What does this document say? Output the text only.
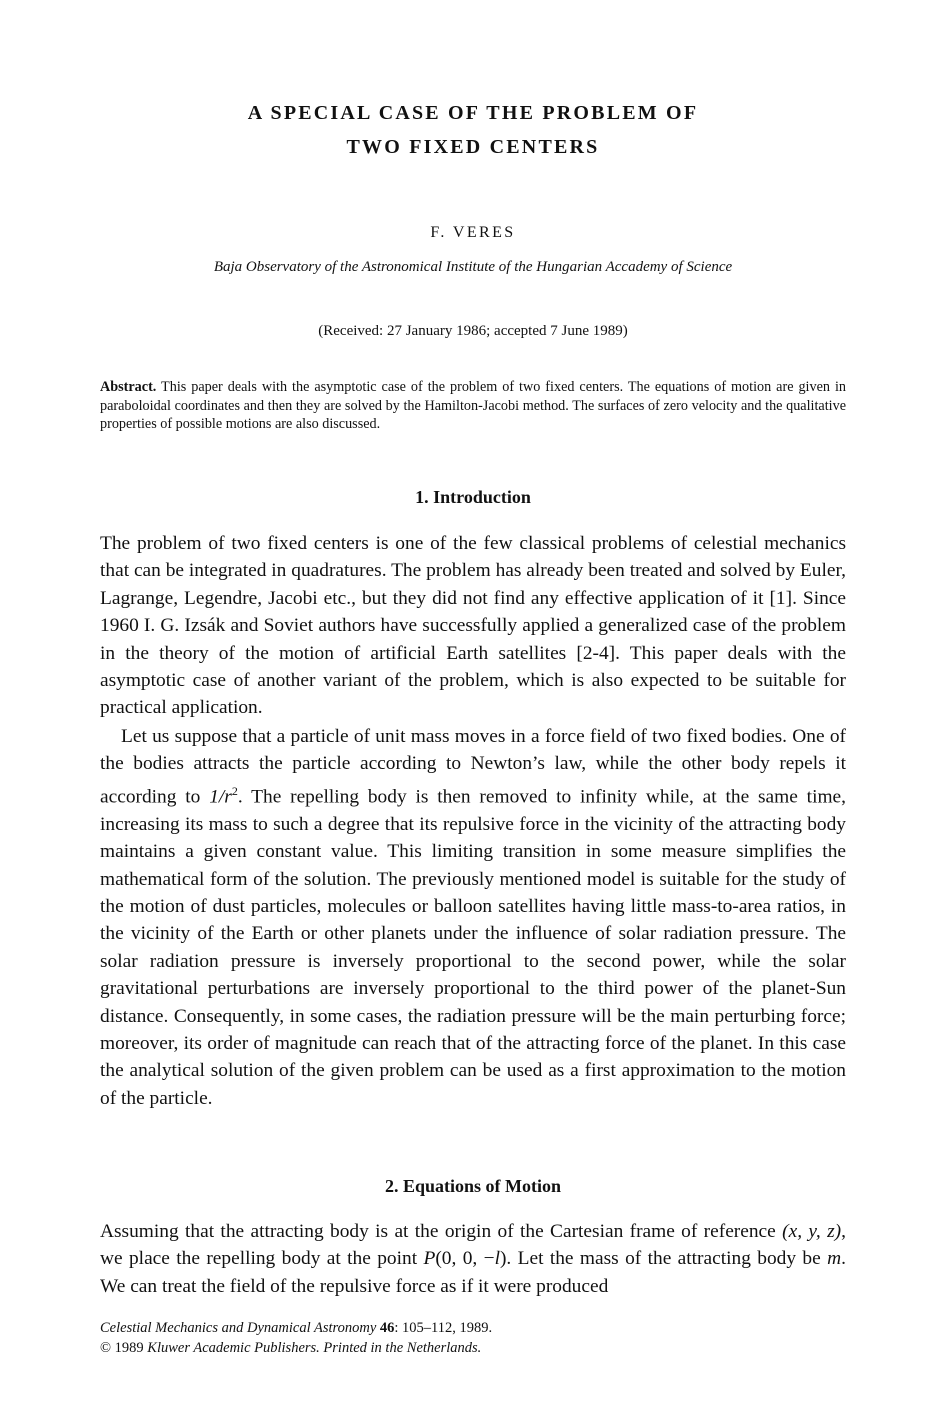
A SPECIAL CASE OF THE PROBLEM OF
TWO FIXED CENTERS
F. VERES
Baja Observatory of the Astronomical Institute of the Hungarian Accademy of Science
(Received: 27 January 1986; accepted 7 June 1989)
Abstract. This paper deals with the asymptotic case of the problem of two fixed centers. The equations of motion are given in paraboloidal coordinates and then they are solved by the Hamilton-Jacobi method. The surfaces of zero velocity and the qualitative properties of possible motions are also discussed.
1. Introduction

The problem of two fixed centers is one of the few classical problems of celestial mechanics that can be integrated in quadratures. The problem has already been treated and solved by Euler, Lagrange, Legendre, Jacobi etc., but they did not find any effective application of it [1]. Since 1960 I. G. Izsák and Soviet authors have successfully applied a generalized case of the problem in the theory of the motion of artificial Earth satellites [2-4]. This paper deals with the asymptotic case of another variant of the problem, which is also expected to be suitable for practical application.

Let us suppose that a particle of unit mass moves in a force field of two fixed bodies. One of the bodies attracts the particle according to Newton’s law, while the other body repels it according to $1/r^2$. The repelling body is then removed to infinity while, at the same time, increasing its mass to such a degree that its repulsive force in the vicinity of the attracting body maintains a given constant value. This limiting transition in some measure simplifies the mathematical form of the solution. The previously mentioned model is suitable for the study of the motion of dust particles, molecules or balloon satellites having little mass-to-area ratios, in the vicinity of the Earth or other planets under the influence of solar radiation pressure. The solar radiation pressure is inversely proportional to the second power, while the solar gravitational perturbations are inversely proportional to the third power of the planet-Sun distance. Consequently, in some cases, the radiation pressure will be the main perturbing force; moreover, its order of magnitude can reach that of the attracting force of the planet. In this case the analytical solution of the given problem can be used as a first approximation to the motion of the particle.

2. Equations of Motion

Assuming that the attracting body is at the origin of the Cartesian frame of reference (x, y, z), we place the repelling body at the point P(0, 0, −l). Let the mass of the attracting body be m. We can treat the field of the repulsive force as if it were produced

Celestial Mechanics and Dynamical Astronomy 46: 105–112, 1989.
© 1989 Kluwer Academic Publishers. Printed in the Netherlands.
